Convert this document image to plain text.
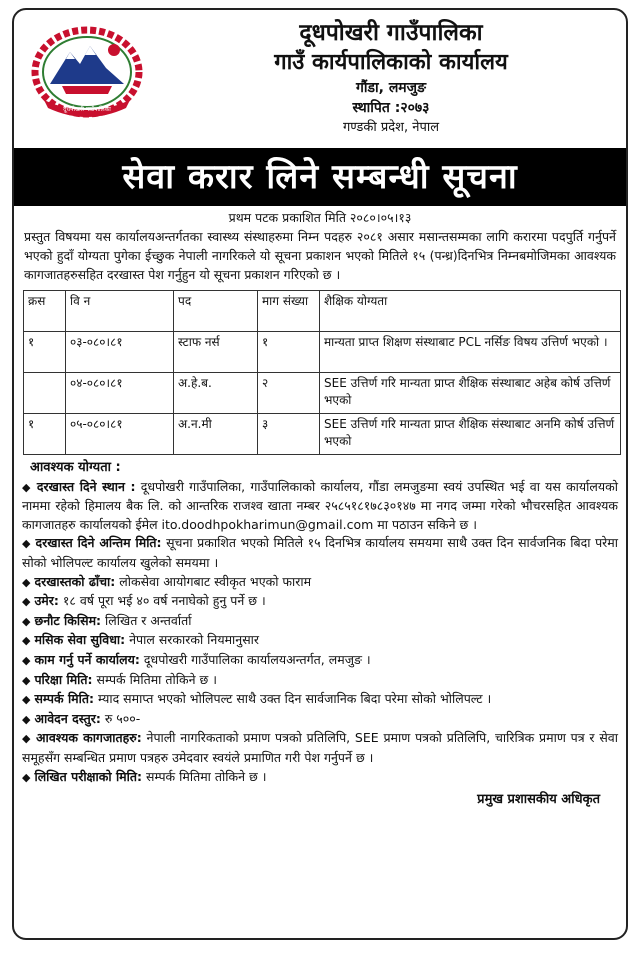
दूधपोखरी गाउँपालिका
दूधपोखरी गाउँपालिका
गाउँ कार्यपालिकाको कार्यालय
गौंडा, लमजुङ
स्थापित :२०७३
गण्डकी प्रदेश, नेपाल
सेवा करार लिने सम्बन्धी सूचना
प्रथम पटक प्रकाशित मिति २०८०।०५।१३
प्रस्तुत विषयमा यस कार्यालयअन्तर्गतका स्वास्थ्य संस्थाहरुमा निम्न पदहरु २०८१ असार मसान्तसम्मका लागि करारमा पदपुर्ति गर्नुपर्ने भएको हुदाँ योग्यता पुगेका ईच्छुक नेपाली नागरिकले यो सूचना प्रकाशन भएको मितिले १५ (पन्ध्र)दिनभित्र निम्नबमोजिमका आवश्यक कागजातहरुसहित दरखास्त पेश गर्नुहुन यो सूचना प्रकाशन गरिएको छ ।
क्रस	वि न	पद	माग संख्या	शैक्षिक योग्यता
१	०३-०८०।८१	स्टाफ नर्स	१	मान्यता प्राप्त शिक्षण संस्थाबाट PCL नर्सिङ विषय उत्तिर्ण भएको ।
	०४-०८०।८१	अ.हे.ब.	२	SEE उत्तिर्ण गरि मान्यता प्राप्त शैक्षिक संस्थाबाट अहेब कोर्ष उत्तिर्ण भएको
१	०५-०८०।८१	अ.न.मी	३	SEE उत्तिर्ण गरि मान्यता प्राप्त शैक्षिक संस्थाबाट अनमि कोर्ष उत्तिर्ण भएको
आवश्यक योग्यता :

◆ दरखास्त दिने स्थान : दूधपोखरी गाउँपालिका, गाउँपालिकाको कार्यालय, गौंडा लमजुङमा स्वयं उपस्थित भई वा यस कार्यालयको नाममा रहेको हिमालय बैक लि. को आन्तरिक राजश्व खाता नम्बर २५८५१८१७८३०१४७ मा नगद जम्मा गरेको भौचरसहित आवश्यक कागजातहरु कार्यालयको ईमेल ito.doodhpokharimun@gmail.com मा पठाउन सकिने छ ।

◆ दरखास्त दिने अन्तिम मिति: सूचना प्रकाशित भएको मितिले १५ दिनभित्र कार्यालय समयमा साथै उक्त दिन सार्वजनिक बिदा परेमा सोको भोलिपल्ट कार्यालय खुलेको समयमा ।

◆ दरखास्तको ढाँचा: लोकसेवा आयोगबाट स्वीकृत भएको फाराम

◆ उमेर: १८ वर्ष पूरा भई ४० वर्ष ननाघेको हुनु पर्ने छ ।

◆ छनौट किसिम: लिखित र अन्तर्वार्ता

◆ मसिक सेवा सुविधा: नेपाल सरकारको नियमानुसार

◆ काम गर्नु पर्ने कार्यालय: दूधपोखरी गाउँपालिका कार्यालयअन्तर्गत, लमजुङ ।

◆ परिक्षा मिति: सम्पर्क मितिमा तोकिने छ ।

◆ सम्पर्क मिति: म्याद समाप्त भएको भोलिपल्ट साथै उक्त दिन सार्वजानिक बिदा परेमा सोको भोलिपल्ट ।

◆ आवेदन दस्तुर: रु ५००-

◆ आवश्यक कागजातहरु: नेपाली नागरिकताको प्रमाण पत्रको प्रतिलिपि, SEE प्रमाण पत्रको प्रतिलिपि, चारित्रिक प्रमाण पत्र र सेवा समूहसँग सम्बन्धित प्रमाण पत्रहरु उमेदवार स्वयंले प्रमाणित गरी पेश गर्नुपर्ने छ ।

◆ लिखित परीक्षाको मिति: सम्पर्क मितिमा तोकिने छ ।

प्रमुख प्रशासकीय अधिकृत
